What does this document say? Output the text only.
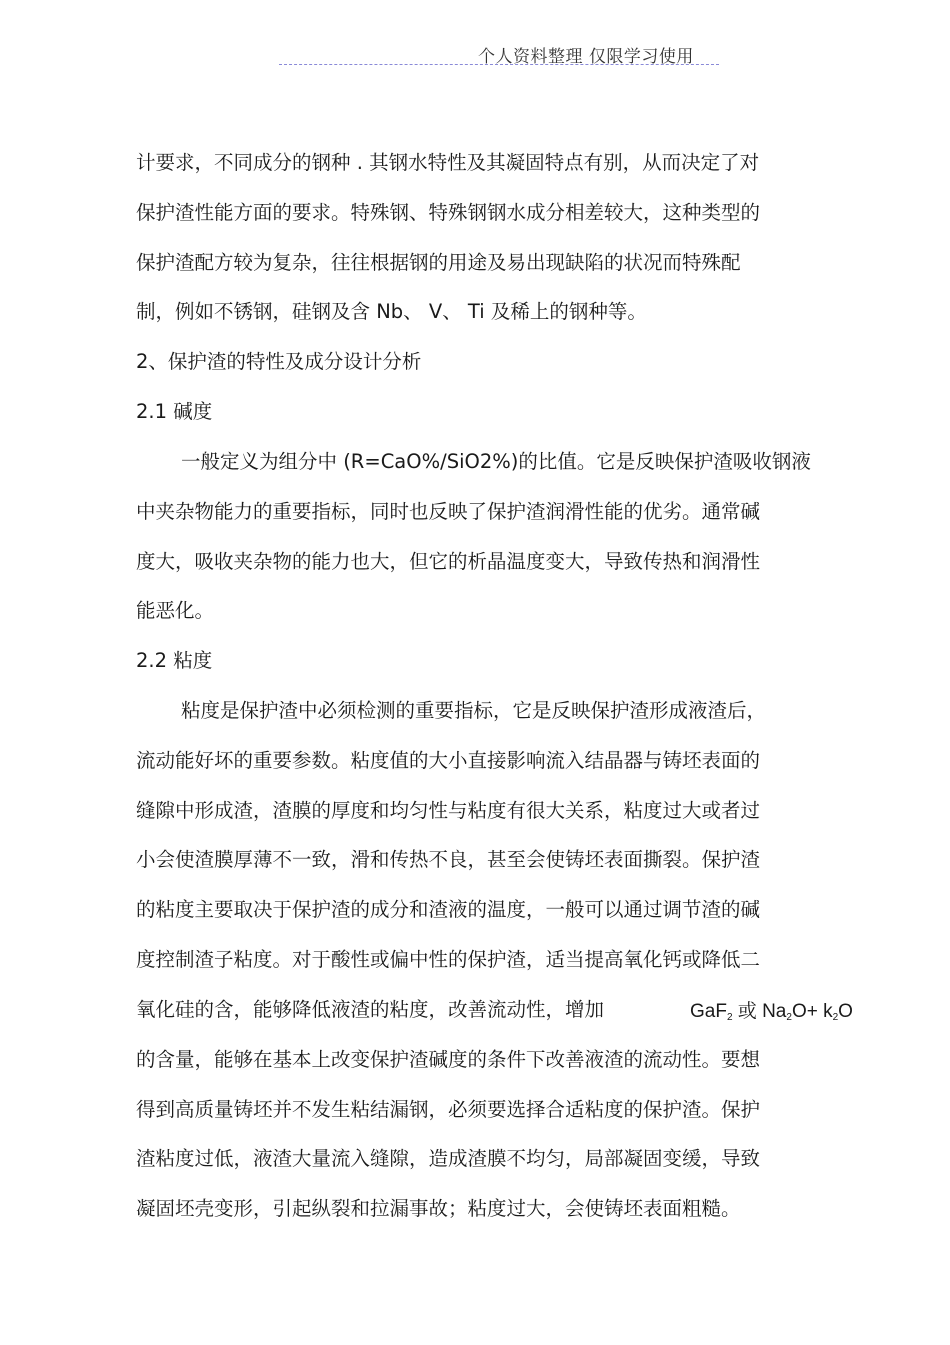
个人资料整理 仅限学习使用
计要求，不同成分的钢种 . 其钢水特性及其凝固特点有别，从而决定了对
保护渣性能方面的要求。特殊钢、特殊钢钢水成分相差较大，这种类型的
保护渣配方较为复杂，往往根据钢的用途及易出现缺陷的状况而特殊配
制，例如不锈钢，硅钢及含 Nb、 V、 Ti 及稀上的钢种等。
2、保护渣的特性及成分设计分析
2.1 碱度
一般定义为组分中 (R=CaO%/SiO2%)的比值。它是反映保护渣吸收钢液
中夹杂物能力的重要指标，同时也反映了保护渣润滑性能的优劣。通常碱
度大，吸收夹杂物的能力也大，但它的析晶温度变大，导致传热和润滑性
能恶化。
2.2 粘度
粘度是保护渣中必须检测的重要指标，它是反映保护渣形成液渣后，
流动能好坏的重要参数。粘度值的大小直接影响流入结晶器与铸坯表面的
缝隙中形成渣，渣膜的厚度和均匀性与粘度有很大关系，粘度过大或者过
小会使渣膜厚薄不一致，滑和传热不良，甚至会使铸坯表面撕裂。保护渣
的粘度主要取决于保护渣的成分和渣液的温度，一般可以通过调节渣的碱
度控制渣子粘度。对于酸性或偏中性的保护渣，适当提高氧化钙或降低二
氧化硅的含，能够降低液渣的粘度，改善流动性，增加	GaF$_2$ 或 $Na_2O+ k_2O$
的含量，能够在基本上改变保护渣碱度的条件下改善液渣的流动性。要想
得到高质量铸坯并不发生粘结漏钢，必须要选择合适粘度的保护渣。保护
渣粘度过低，液渣大量流入缝隙，造成渣膜不均匀，局部凝固变缓，导致
凝固坯壳变形，引起纵裂和拉漏事故；粘度过大，会使铸坯表面粗糙。
